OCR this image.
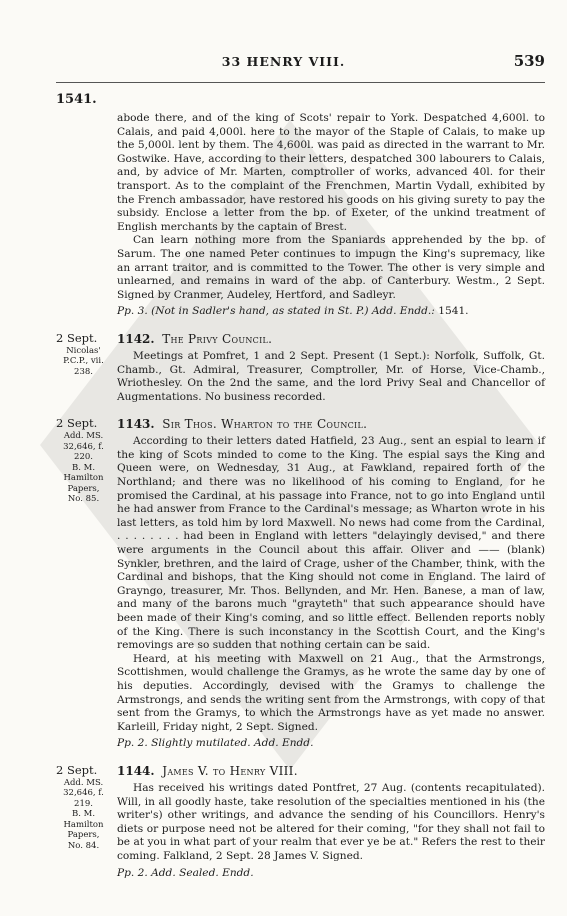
33 HENRY VIII.	539
1541.

abode there, and of the king of Scots' repair to York. Despatched 4,600l. to Calais, and paid 4,000l. here to the mayor of the Staple of Calais, to make up the 5,000l. lent by them. The 4,600l. was paid as directed in the warrant to Mr. Gostwike. Have, according to their letters, despatched 300 labourers to Calais, and, by advice of Mr. Marten, comptroller of works, advanced 40l. for their transport. As to the complaint of the Frenchmen, Martin Vydall, exhibited by the French ambassador, have restored his goods on his giving surety to pay the subsidy. Enclose a letter from the bp. of Exeter, of the unkind treatment of English merchants by the captain of Brest.

Can learn nothing more from the Spaniards apprehended by the bp. of Sarum. The one named Peter continues to impugn the King's supremacy, like an arrant traitor, and is committed to the Tower. The other is very simple and unlearned, and remains in ward of the abp. of Canterbury. Westm., 2 Sept. Signed by Cranmer, Audeley, Hertford, and Sadleyr.

Pp. 3. (Not in Sadler's hand, as stated in St. P.) Add. Endd.: 1541.

2 Sept.
Nicolas'
P.C.P., vii.
238.

1142. The Privy Council.

Meetings at Pomfret, 1 and 2 Sept. Present (1 Sept.): Norfolk, Suffolk, Gt. Chamb., Gt. Admiral, Treasurer, Comptroller, Mr. of Horse, Vice-Chamb., Wriothesley. On the 2nd the same, and the lord Privy Seal and Chancellor of Augmentations. No business recorded.

2 Sept.
Add. MS.
32,646, f. 220.
B. M.
Hamilton
Papers,
No. 85.

1143. Sir Thos. Wharton to the Council.

According to their letters dated Hatfield, 23 Aug., sent an espial to learn if the king of Scots minded to come to the King. The espial says the King and Queen were, on Wednesday, 31 Aug., at Fawkland, repaired forth of the Northland; and there was no likelihood of his coming to England, for he promised the Cardinal, at his passage into France, not to go into England until he had answer from France to the Cardinal's message; as Wharton wrote in his last letters, as told him by lord Maxwell. No news had come from the Cardinal, . . . . . . . . had been in England with letters "delayingly devised," and there were arguments in the Council about this affair. Oliver and —— (blank) Synkler, brethren, and the laird of Crage, usher of the Chamber, think, with the Cardinal and bishops, that the King should not come in England. The laird of Grayngo, treasurer, Mr. Thos. Bellynden, and Mr. Hen. Banese, a man of law, and many of the barons much "grayteth" that such appearance should have been made of their King's coming, and so little effect. Bellenden reports nobly of the King. There is such inconstancy in the Scottish Court, and the King's removings are so sudden that nothing certain can be said.

Heard, at his meeting with Maxwell on 21 Aug., that the Armstrongs, Scottishmen, would challenge the Gramys, as he wrote the same day by one of his deputies. Accordingly, devised with the Gramys to challenge the Armstrongs, and sends the writing sent from the Armstrongs, with copy of that sent from the Gramys, to which the Armstrongs have as yet made no answer. Karleill, Friday night, 2 Sept. Signed.

Pp. 2. Slightly mutilated. Add. Endd.

2 Sept.
Add. MS.
32,646, f. 219.
B. M.
Hamilton
Papers,
No. 84.

1144. James V. to Henry VIII.

Has received his writings dated Pontfret, 27 Aug. (contents recapitulated). Will, in all goodly haste, take resolution of the specialties mentioned in his (the writer's) other writings, and advance the sending of his Councillors. Henry's diets or purpose need not be altered for their coming, "for they shall not fail to be at you in what part of your realm that ever ye be at." Refers the rest to their coming. Falkland, 2 Sept. 28 James V. Signed.

Pp. 2. Add. Sealed. Endd.
